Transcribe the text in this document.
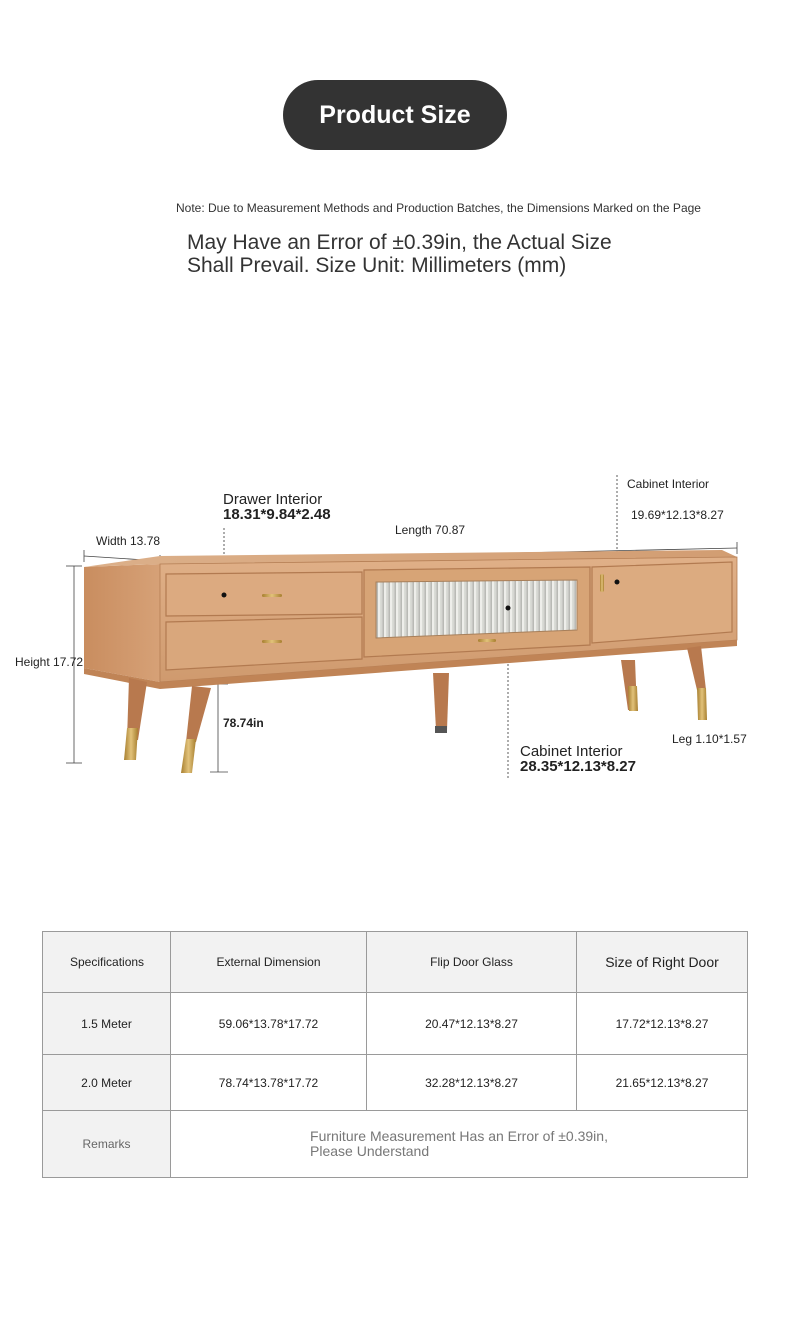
Product Size
Note: Due to Measurement Methods and Production Batches, the Dimensions Marked on the Page
May Have an Error of ±0.39in, the Actual Size
Shall Prevail. Size Unit: Millimeters (mm)
Width 13.78
Length 70.87
Height 17.72
78.74in
Leg 1.10*1.57
Drawer Interior
18.31*9.84*2.48
Cabinet Interior
19.69*12.13*8.27
Cabinet Interior
28.35*12.13*8.27
Specifications	External Dimension	Flip Door Glass	Size of Right Door
1.5 Meter	59.06*13.78*17.72	20.47*12.13*8.27	17.72*12.13*8.27
2.0 Meter	78.74*13.78*17.72	32.28*12.13*8.27	21.65*12.13*8.27
Remarks	Furniture Measurement Has an Error of ±0.39in,
Please Understand		
